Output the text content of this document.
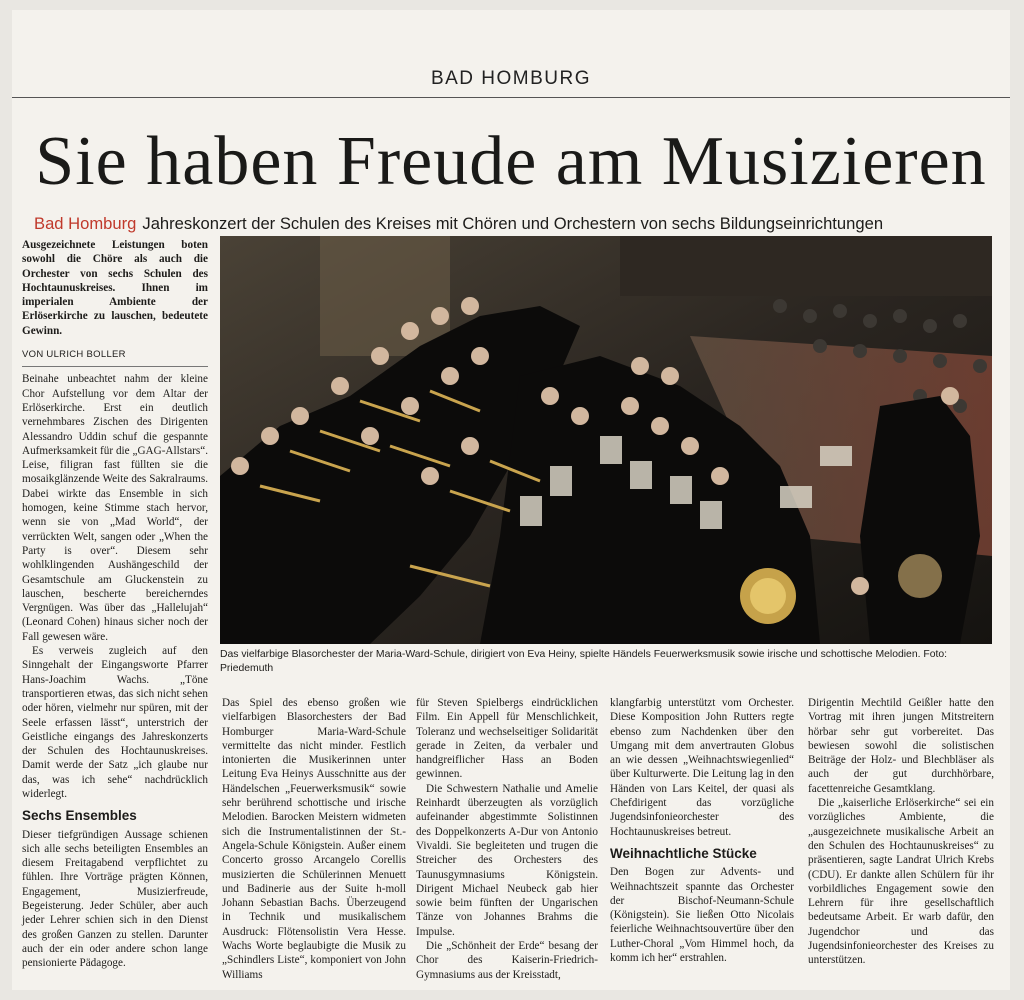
BAD HOMBURG
Sie haben Freude am Musizieren
Bad Homburg Jahreskonzert der Schulen des Kreises mit Chören und Orchestern von sechs Bildungseinrichtungen

Ausgezeichnete Leistungen boten sowohl die Chöre als auch die Orchester von sechs Schulen des Hochtaunuskreises. Ihnen im imperialen Ambiente der Erlöserkirche zu lauschen, bedeutete Gewinn.

VON ULRICH BOLLER

Beinahe unbeachtet nahm der kleine Chor Aufstellung vor dem Altar der Erlöserkirche. Erst ein deutlich vernehmbares Zischen des Dirigenten Alessandro Uddin schuf die gespannte Aufmerksamkeit für die „GAG-Allstars“. Leise, filigran fast füllten sie die mosaikglänzende Weite des Sakralraums. Dabei wirkte das Ensemble in sich homogen, keine Stimme stach hervor, wenn sie von „Mad World“, der verrückten Welt, sangen oder „When the Party is over“. Diesem sehr wohlklingenden Aushängeschild der Gesamtschule am Gluckenstein zu lauschen, bescherte bereicherndes Vergnügen. Was über das „Hallelujah“ (Leonard Cohen) hinaus sicher noch der Fall gewesen wäre.

Es verweis zugleich auf den Sinngehalt der Eingangsworte Pfarrer Hans-Joachim Wachs. „Töne transportieren etwas, das sich nicht sehen oder hören, vielmehr nur spüren, mit der Seele erfassen lässt“, unterstrich der Geistliche eingangs des Jahreskonzerts der Schulen des Hochtaunuskreises. Damit werde der Satz „ich glaube nur das, was ich sehe“ nachdrücklich widerlegt.

Sechs Ensembles

Dieser tiefgründigen Aussage schienen sich alle sechs beteiligten Ensembles an diesem Freitagabend verpflichtet zu fühlen. Ihre Vorträge prägten Können, Engagement, Musizierfreude, Begeisterung. Jeder Schüler, aber auch jeder Lehrer schien sich in den Dienst des großen Ganzen zu stellen. Darunter auch der ein oder andere schon lange pensionierte Pädagoge.

Das vielfarbige Blasorchester der Maria-Ward-Schule, dirigiert von Eva Heiny, spielte Händels Feuerwerksmusik sowie irische und schottische Melodien. Foto: Priedemuth

Das Spiel des ebenso großen wie vielfarbigen Blasorchesters der Bad Homburger Maria-Ward-Schule vermittelte das nicht minder. Festlich intonierten die Musikerinnen unter Leitung Eva Heinys Ausschnitte aus der Händelschen „Feuerwerksmusik“ sowie sehr berührend schottische und irische Melodien. Barocken Meistern widmeten sich die Instrumentalistinnen der St.-Angela-Schule Königstein. Außer einem Concerto grosso Arcangelo Corellis musizierten die Schülerinnen Menuett und Badinerie aus der Suite h-moll Johann Sebastian Bachs. Überzeugend in Technik und musikalischem Ausdruck: Flötensolistin Vera Hesse. Wachs Worte beglaubigte die Musik zu „Schindlers Liste“, komponiert von John Williams

für Steven Spielbergs eindrücklichen Film. Ein Appell für Menschlichkeit, Toleranz und wechselseitiger Solidarität gerade in Zeiten, da verbaler und handgreiflicher Hass an Boden gewinnen.

Die Schwestern Nathalie und Amelie Reinhardt überzeugten als vorzüglich aufeinander abgestimmte Solistinnen des Doppelkonzerts A-Dur von Antonio Vivaldi. Sie begleiteten und trugen die Streicher des Orchesters des Taunusgymnasiums Königstein. Dirigent Michael Neubeck gab hier sowie beim fünften der Ungarischen Tänze von Johannes Brahms die Impulse.

Die „Schönheit der Erde“ besang der Chor des Kaiserin-Friedrich-Gymnasiums aus der Kreisstadt,

klangfarbig unterstützt vom Orchester. Diese Komposition John Rutters regte ebenso zum Nachdenken über den Umgang mit dem anvertrauten Globus an wie dessen „Weihnachtswiegenlied“ über Kulturwerte. Die Leitung lag in den Händen von Lars Keitel, der quasi als Chefdirigent das vorzügliche Jugendsinfonieorchester des Hochtaunuskreises betreut.

Weihnachtliche Stücke

Den Bogen zur Advents- und Weihnachtszeit spannte das Orchester der Bischof-Neumann-Schule (Königstein). Sie ließen Otto Nicolais feierliche Weihnachtsouvertüre über den Luther-Choral „Vom Himmel hoch, da komm ich her“ erstrahlen.

Dirigentin Mechtild Geißler hatte den Vortrag mit ihren jungen Mitstreitern hörbar sehr gut vorbereitet. Das bewiesen sowohl die solistischen Beiträge der Holz- und Blechbläser als auch der gut durchhörbare, facettenreiche Gesamtklang.

Die „kaiserliche Erlöserkirche“ sei ein vorzügliches Ambiente, die „ausgezeichnete musikalische Arbeit an den Schulen des Hochtaunuskreises“ zu präsentieren, sagte Landrat Ulrich Krebs (CDU). Er dankte allen Schülern für ihr vorbildliches Engagement sowie den Lehrern für ihre gesellschaftlich bedeutsame Arbeit. Er warb dafür, den Jugendchor und das Jugendsinfonieorchester des Kreises zu unterstützen.
